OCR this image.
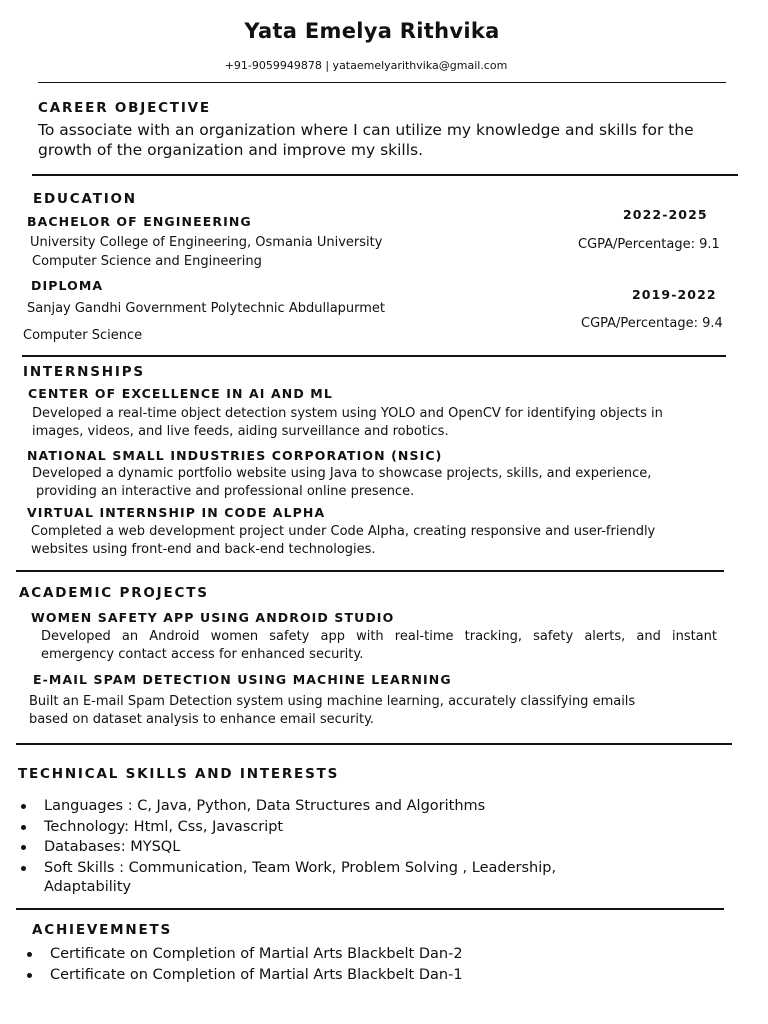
Yata Emelya Rithvika
+91-9059949878 | yataemelyarithvika@gmail.com
CAREER OBJECTIVE
To associate with an organization where I can utilize my knowledge and skills for the
growth of the organization and improve my skills.
EDUCATION
BACHELOR OF ENGINEERING
University College of Engineering, Osmania University
Computer Science and Engineering
2022-2025
CGPA/Percentage: 9.1
DIPLOMA
Sanjay Gandhi Government Polytechnic Abdullapurmet
Computer Science
2019-2022
CGPA/Percentage: 9.4
INTERNSHIPS
CENTER OF EXCELLENCE IN AI AND ML
Developed a real-time object detection system using YOLO and OpenCV for identifying objects in
images, videos, and live feeds, aiding surveillance and robotics.
NATIONAL SMALL INDUSTRIES CORPORATION (NSIC)
Developed a dynamic portfolio website using Java to showcase projects, skills, and experience,
providing an interactive and professional online presence.
VIRTUAL INTERNSHIP IN CODE ALPHA
Completed a web development project under Code Alpha, creating responsive and user-friendly
websites using front-end and back-end technologies.
ACADEMIC PROJECTS
WOMEN SAFETY APP USING ANDROID STUDIO
Developed an Android women safety app with real-time tracking, safety alerts, and instant
emergency contact access for enhanced security.
E-MAIL SPAM DETECTION USING MACHINE LEARNING
Built an E-mail Spam Detection system using machine learning, accurately classifying emails
based on dataset analysis to enhance email security.
TECHNICAL SKILLS AND INTERESTS
Languages : C, Java, Python, Data Structures and Algorithms
Technology: Html, Css, Javascript
Databases: MYSQL
Soft Skills : Communication, Team Work, Problem Solving , Leadership,
Adaptability
ACHIEVEMNETS
Certificate on Completion of Martial Arts Blackbelt Dan-2
Certificate on Completion of Martial Arts Blackbelt Dan-1
